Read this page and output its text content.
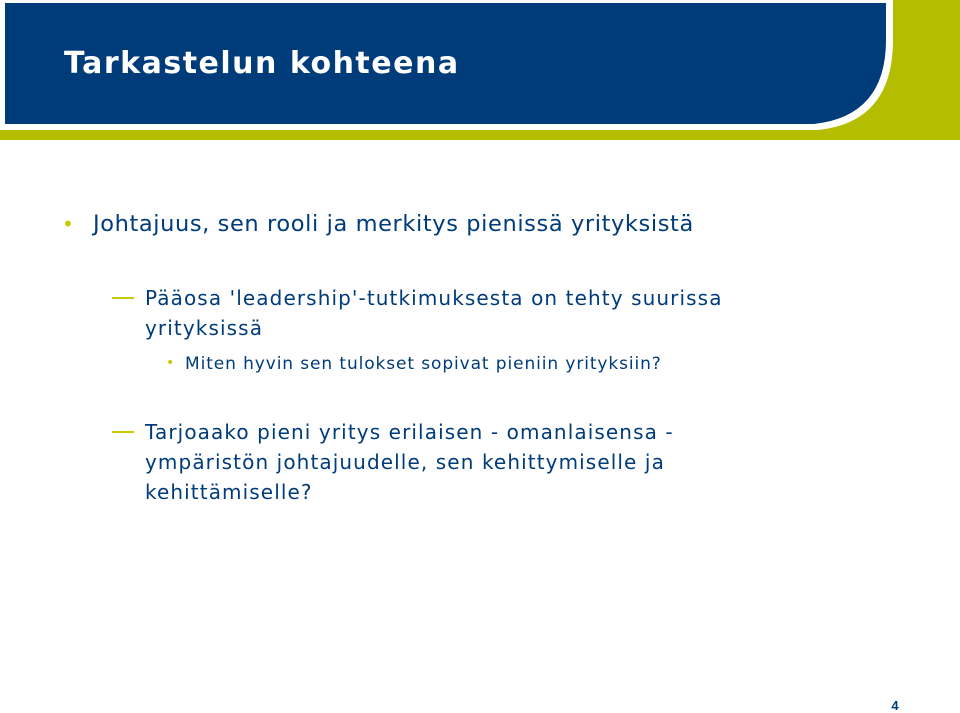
Tarkastelun kohteena
• Johtajuus, sen rooli ja merkitys pienissä yrityksistä
Pääosa 'leadership'-tutkimuksesta on tehty suurissa yrityksissä
• Miten hyvin sen tulokset sopivat pieniin yrityksiin?
Tarjoaako pieni yritys erilaisen - omanlaisensa - ympäristön johtajuudelle, sen kehittymiselle ja kehittämiselle?
4
